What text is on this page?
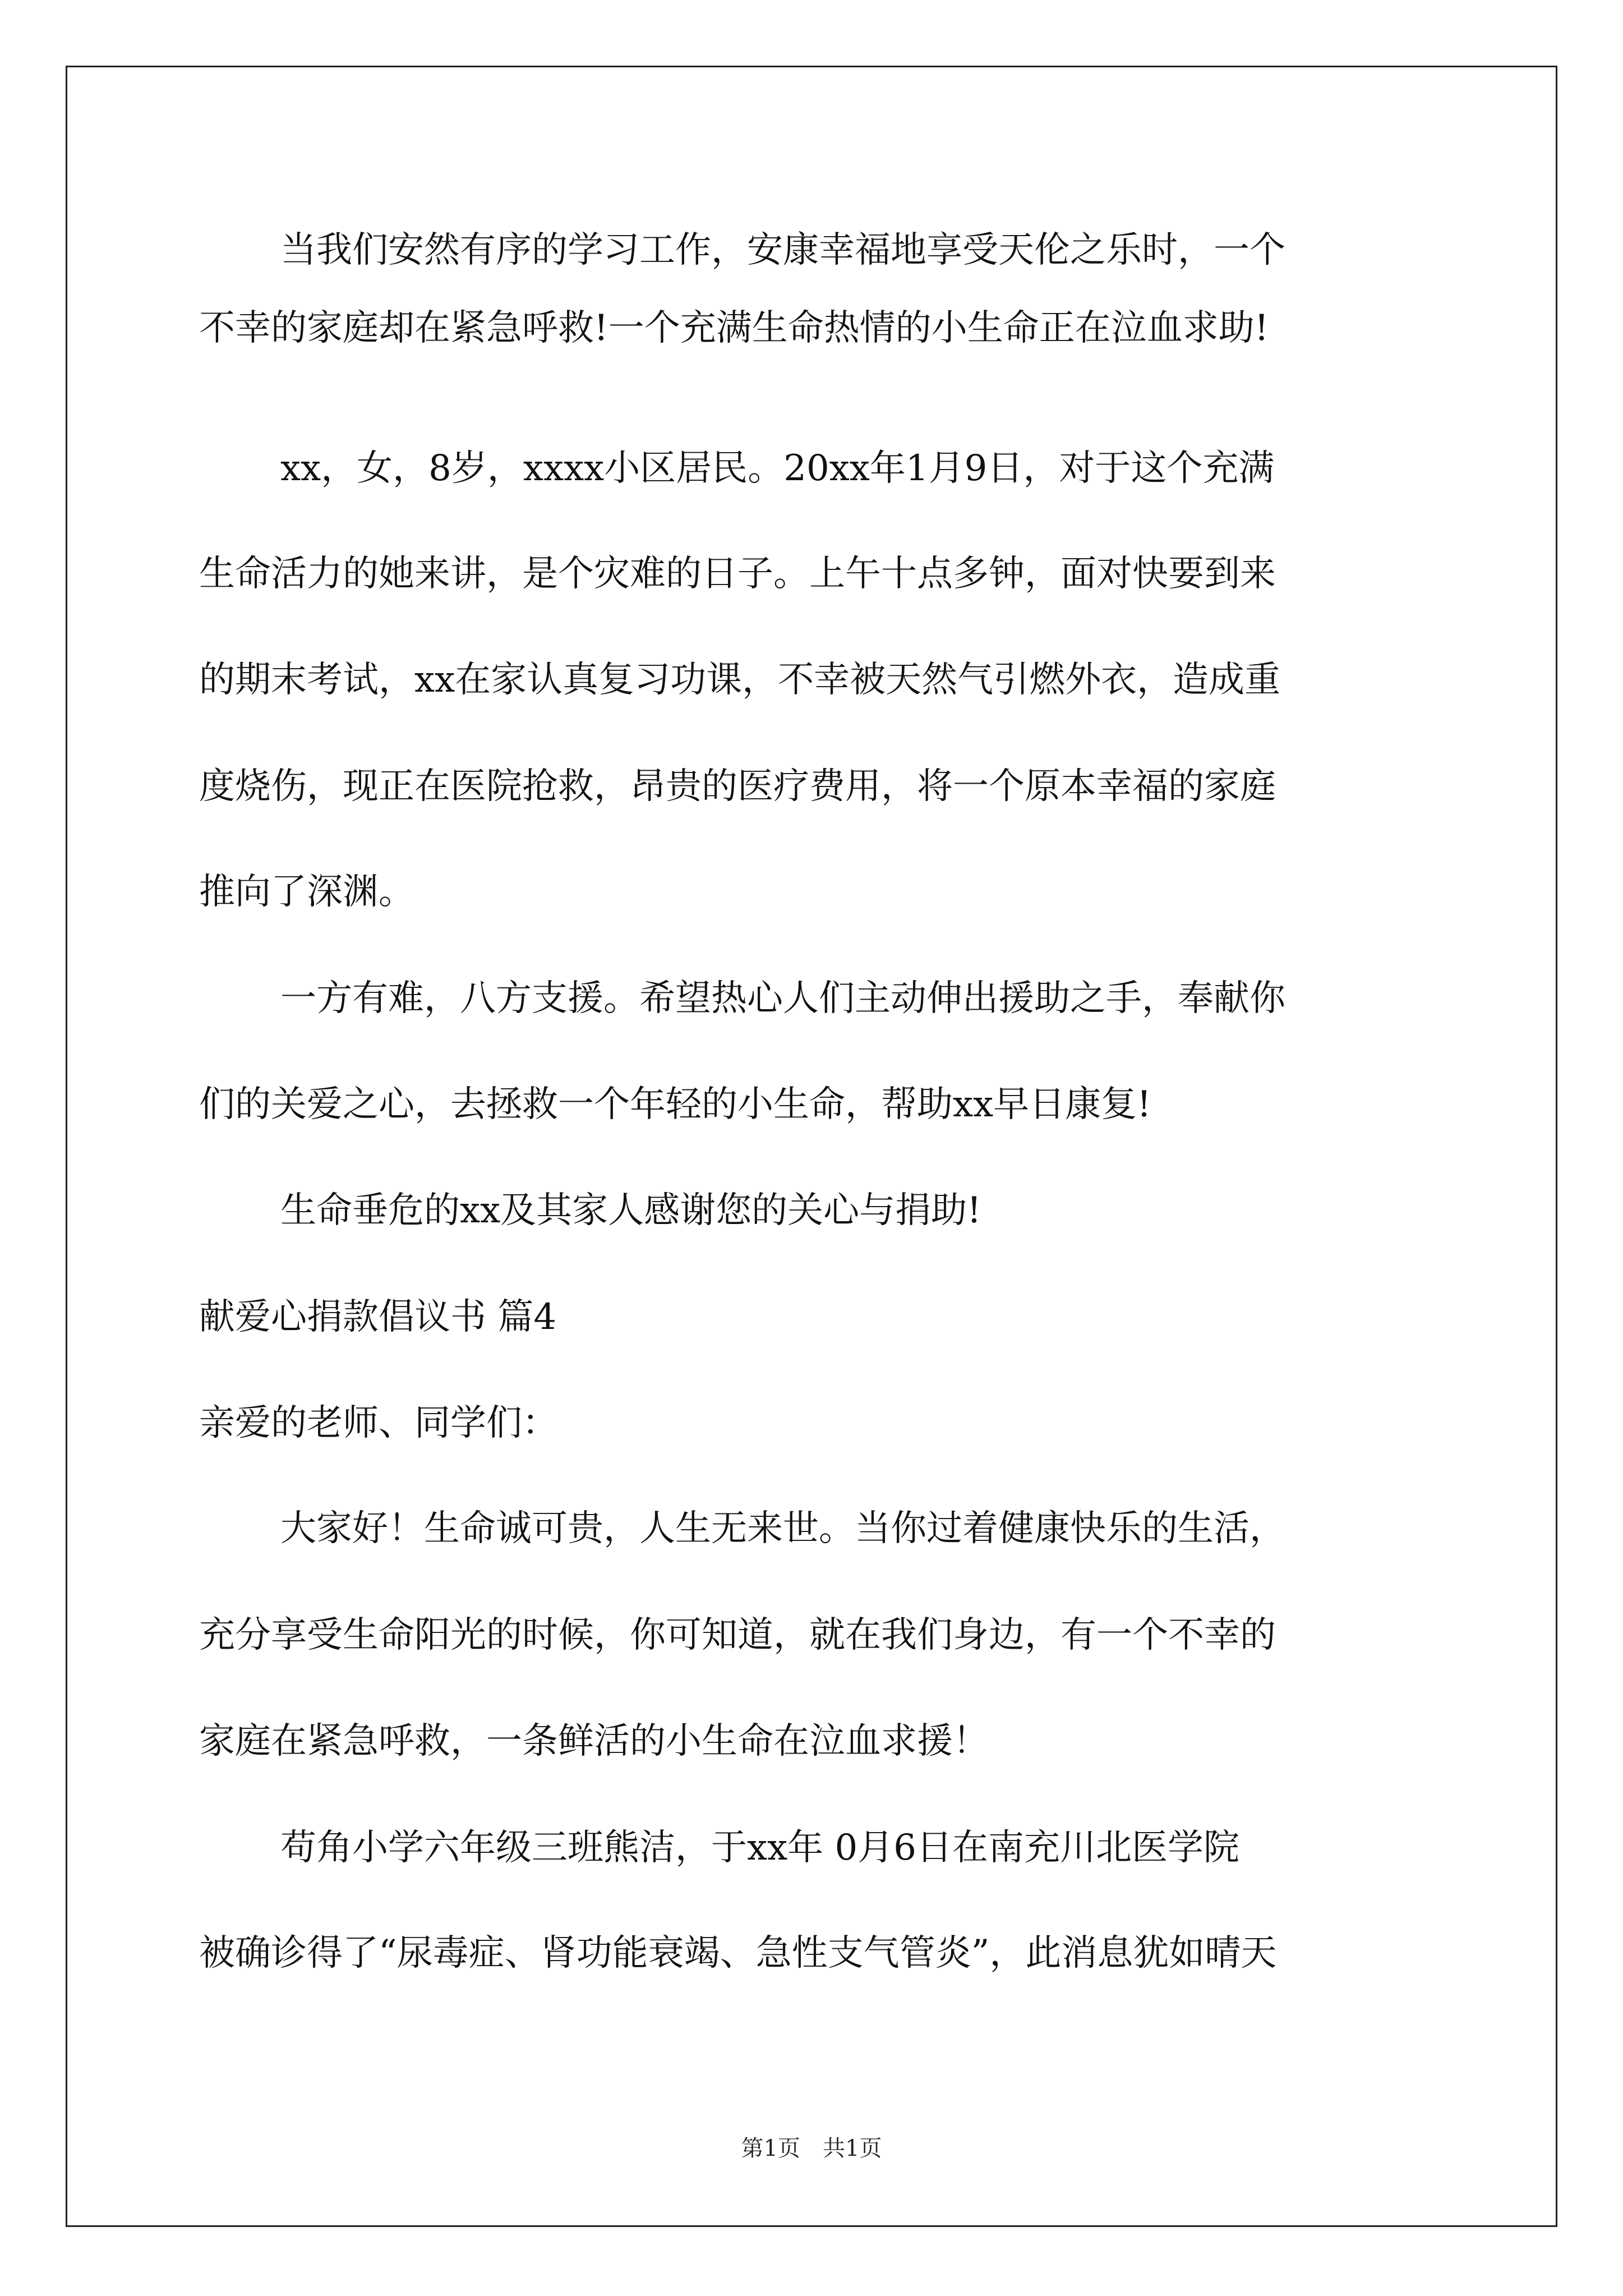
当我们安然有序的学习工作，安康幸福地享受天伦之乐时，一个
不幸的家庭却在紧急呼救!一个充满生命热情的小生命正在泣血求助!
xx，女，8岁，xxxx小区居民。20xx年1月9日，对于这个充满
生命活力的她来讲，是个灾难的日子。上午十点多钟，面对快要到来
的期末考试，xx在家认真复习功课，不幸被天然气引燃外衣，造成重
度烧伤，现正在医院抢救，昂贵的医疗费用，将一个原本幸福的家庭
推向了深渊。
一方有难，八方支援。希望热心人们主动伸出援助之手，奉献你
们的关爱之心，去拯救一个年轻的小生命，帮助xx早日康复!
生命垂危的xx及其家人感谢您的关心与捐助!
献爱心捐款倡议书 篇4
亲爱的老师、同学们：
大家好！生命诚可贵，人生无来世。当你过着健康快乐的生活，
充分享受生命阳光的时候，你可知道，就在我们身边，有一个不幸的
家庭在紧急呼救，一条鲜活的小生命在泣血求援！
苟角小学六年级三班熊洁，于xx年 0月6日在南充川北医学院
被确诊得了“尿毒症、肾功能衰竭、急性支气管炎”，此消息犹如晴天
第1页　共1页
